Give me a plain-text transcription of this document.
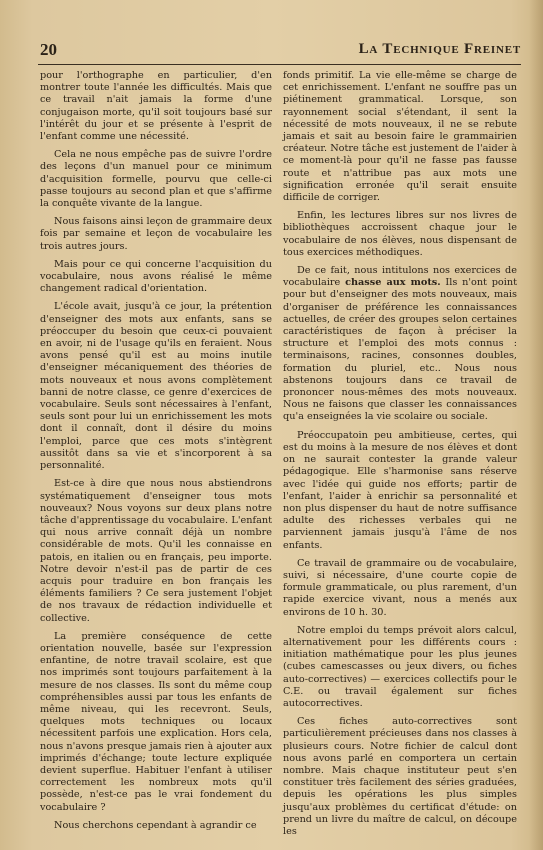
20	La Technique Freinet

pour l'orthographe en particulier, d'en montrer toute l'année les difficultés. Mais que ce travail n'ait jamais la forme d'une conjugaison morte, qu'il soit toujours basé sur l'intérêt du jour et se présente à l'esprit de l'enfant comme une nécessité.

Cela ne nous empêche pas de suivre l'ordre des leçons d'un manuel pour ce minimum d'acquisition formelle, pourvu que celle-ci passe toujours au second plan et que s'affirme la conquête vivante de la langue.

Nous faisons ainsi leçon de grammaire deux fois par semaine et leçon de vocabulaire les trois autres jours.

Mais pour ce qui concerne l'acquisition du vocabulaire, nous avons réalisé le même changement radical d'orientation.

L'école avait, jusqu'à ce jour, la prétention d'enseigner des mots aux enfants, sans se préoccuper du besoin que ceux-ci pouvaient en avoir, ni de l'usage qu'ils en feraient. Nous avons pensé qu'il est au moins inutile d'enseigner mécaniquement des théories de mots nouveaux et nous avons complètement banni de notre classe, ce genre d'exercices de vocabulaire. Seuls sont nécessaires à l'enfant, seuls sont pour lui un enrichissement les mots dont il connaît, dont il désire du moins l'emploi, parce que ces mots s'intègrent aussitôt dans sa vie et s'incorporent à sa personnalité.

Est-ce à dire que nous nous abstiendrons systématiquement d'enseigner tous mots nouveaux? Nous voyons sur deux plans notre tâche d'apprentissage du vocabulaire. L'enfant qui nous arrive connaît déjà un nombre considérable de mots. Qu'il les connaisse en patois, en italien ou en français, peu importe. Notre devoir n'est-il pas de partir de ces acquis pour traduire en bon français les éléments familiers ? Ce sera justement l'objet de nos travaux de rédaction individuelle et collective.

La première conséquence de cette orientation nouvelle, basée sur l'expression enfantine, de notre travail scolaire, est que nos imprimés sont toujours parfaitement à la mesure de nos classes. Ils sont du même coup compréhensibles aussi par tous les enfants de même niveau, qui les recevront. Seuls, quelques mots techniques ou locaux nécessitent parfois une explication. Hors cela, nous n'avons presque jamais rien à ajouter aux imprimés d'échange; toute lecture expliquée devient superflue. Habituer l'enfant à utiliser correctement les nombreux mots qu'il possède, n'est-ce pas le vrai fondement du vocabulaire ?

Nous cherchons cependant à agrandir ce

fonds primitif. La vie elle-même se charge de cet enrichissement. L'enfant ne souffre pas un piétinement grammatical. Lorsque, son rayonnement social s'étendant, il sent la nécessité de mots nouveaux, il ne se rebute jamais et sait au besoin faire le grammairien créateur. Notre tâche est justement de l'aider à ce moment-là pour qu'il ne fasse pas fausse route et n'attribue pas aux mots une signification erronée qu'il serait ensuite difficile de corriger.

Enfin, les lectures libres sur nos livres de bibliothèques accroissent chaque jour le vocabulaire de nos élèves, nous dispensant de tous exercices méthodiques.

De ce fait, nous intitulons nos exercices de vocabulaire chasse aux mots. Ils n'ont point pour but d'enseigner des mots nouveaux, mais d'organiser de préférence les connaissances actuelles, de créer des groupes selon certaines caractéristiques de façon à préciser la structure et l'emploi des mots connus : terminaisons, racines, consonnes doubles, formation du pluriel, etc.. Nous nous abstenons toujours dans ce travail de prononcer nous-mêmes des mots nouveaux. Nous ne faisons que classer les connaissances qu'a enseignées la vie scolaire ou sociale.

Préoccupatoin peu ambitieuse, certes, qui est du moins à la mesure de nos élèves et dont on ne saurait contester la grande valeur pédagogique. Elle s'harmonise sans réserve avec l'idée qui guide nos efforts; partir de l'enfant, l'aider à enrichir sa personnalité et non plus dispenser du haut de notre suffisance adulte des richesses verbales qui ne parviennent jamais jusqu'à l'âme de nos enfants.

Ce travail de grammaire ou de vocabulaire, suivi, si nécessaire, d'une courte copie de formule grammaticale, ou plus rarement, d'un rapide exercice vivant, nous a menés aux environs de 10 h. 30.

Notre emploi du temps prévoit alors calcul, alternativement pour les différents cours : initiation mathématique pour les plus jeunes (cubes camescasses ou jeux divers, ou fiches auto-correctives) — exercices collectifs pour le C.E. ou travail également sur fiches autocorrectives.

Ces fiches auto-correctives sont particulièrement précieuses dans nos classes à plusieurs cours. Notre fichier de calcul dont nous avons parlé en comportera un certain nombre. Mais chaque instituteur peut s'en constituer très facilement des séries graduées, depuis les opérations les plus simples jusqu'aux problèmes du certificat d'étude: on prend un livre du maître de calcul, on découpe les
